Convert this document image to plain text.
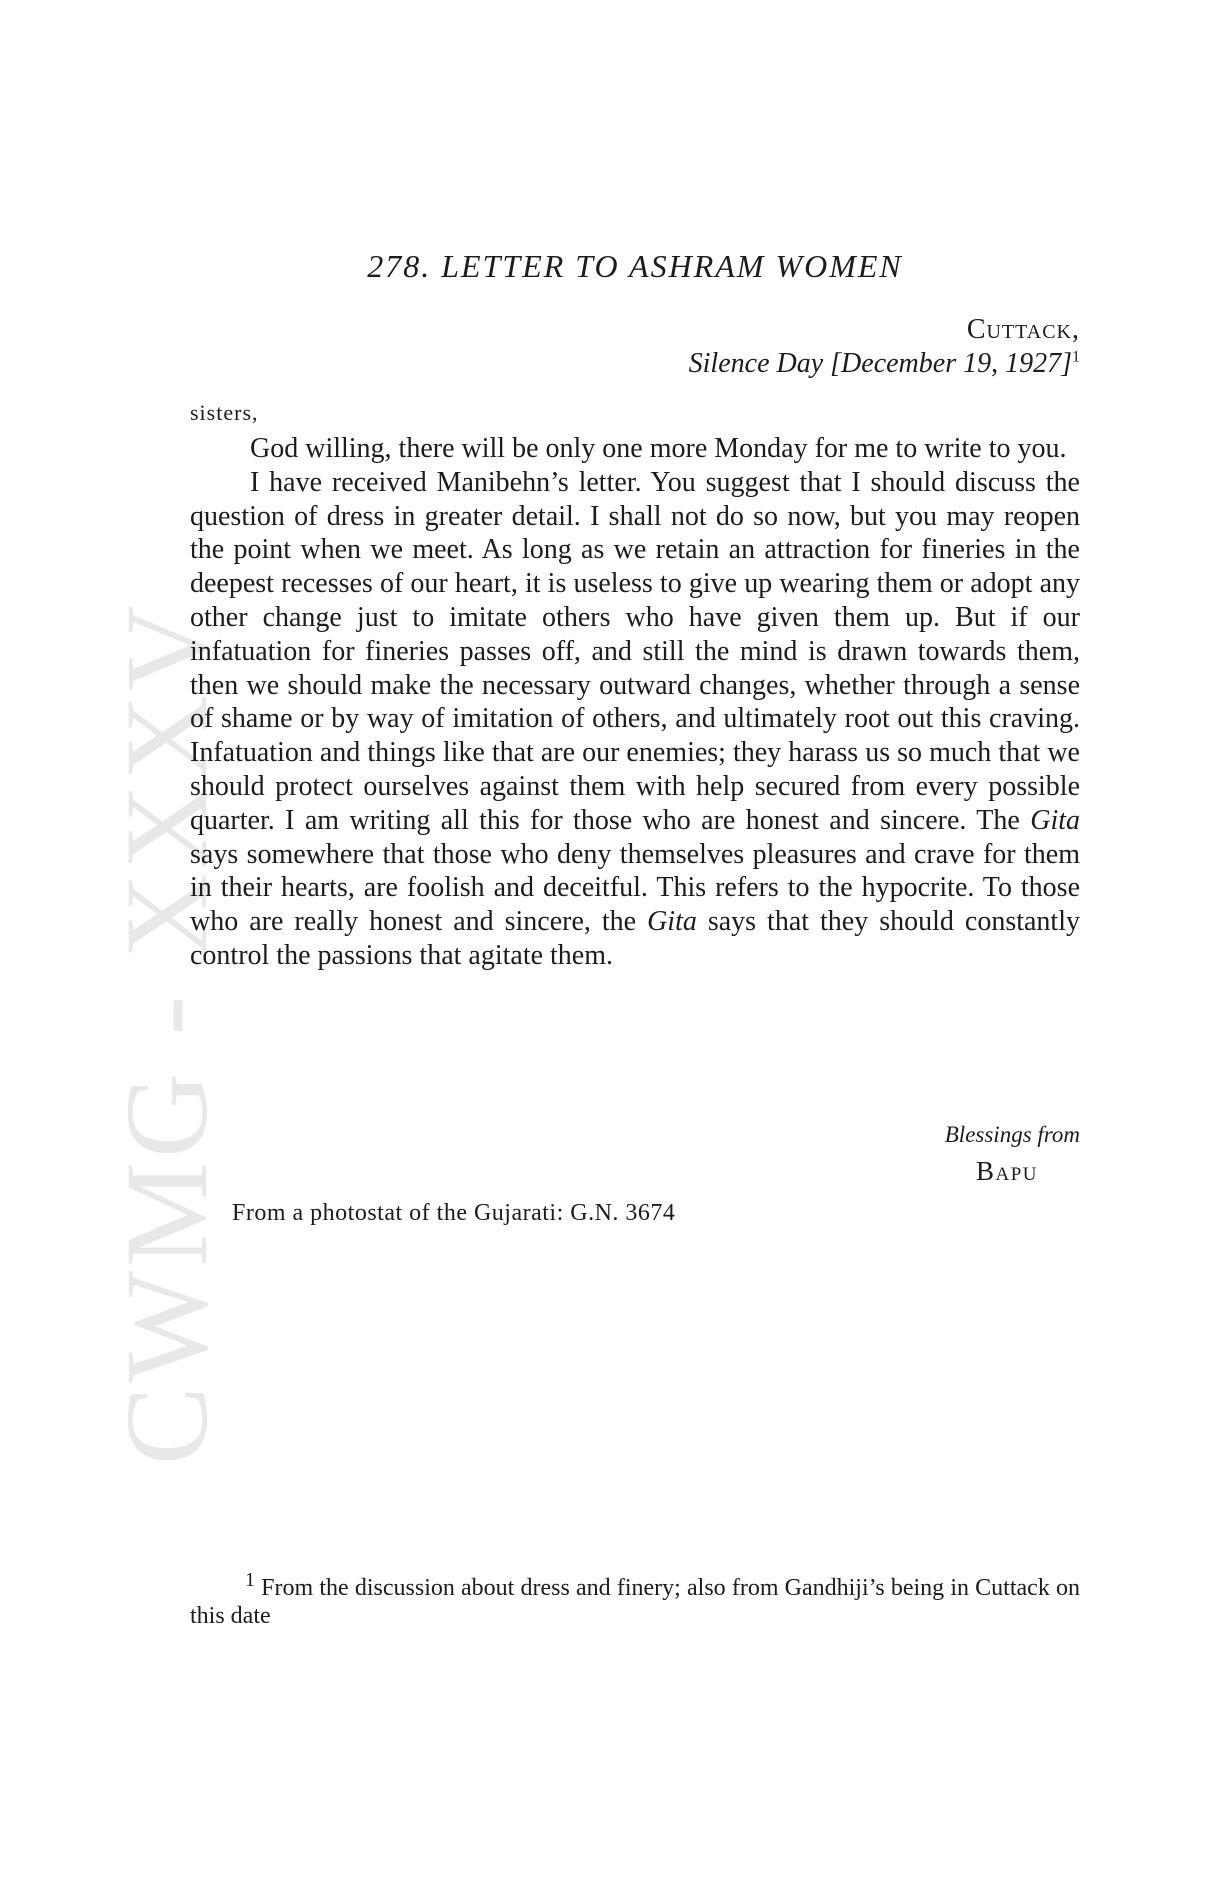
CWMG - XXXV
278. LETTER TO ASHRAM WOMEN
Cuttack,
Silence Day [December 19, 1927]$^1$
sisters,

God willing, there will be only one more Monday for me to write to you.

I have received Manibehn’s letter. You suggest that I should discuss the question of dress in greater detail. I shall not do so now, but you may reopen the point when we meet. As long as we retain an attraction for fineries in the deepest recesses of our heart, it is useless to give up wearing them or adopt any other change just to imitate others who have given them up. But if our infatuation for fineries passes off, and still the mind is drawn towards them, then we should make the necessary outward changes, whether through a sense of shame or by way of imitation of others, and ultimately root out this craving. Infatuation and things like that are our enemies; they harass us so much that we should protect ourselves against them with help secured from every possible quarter. I am writing all this for those who are honest and sincere. The Gita says somewhere that those who deny themselves pleasures and crave for them in their hearts, are foolish and deceitful. This refers to the hypocrite. To those who are really honest and sincere, the Gita says that they should constantly control the passions that agitate them.

Blessings from
Bapu
From a photostat of the Gujarati: G.N. 3674

$^1$ From the discussion about dress and finery; also from Gandhiji’s being in Cuttack on this date
